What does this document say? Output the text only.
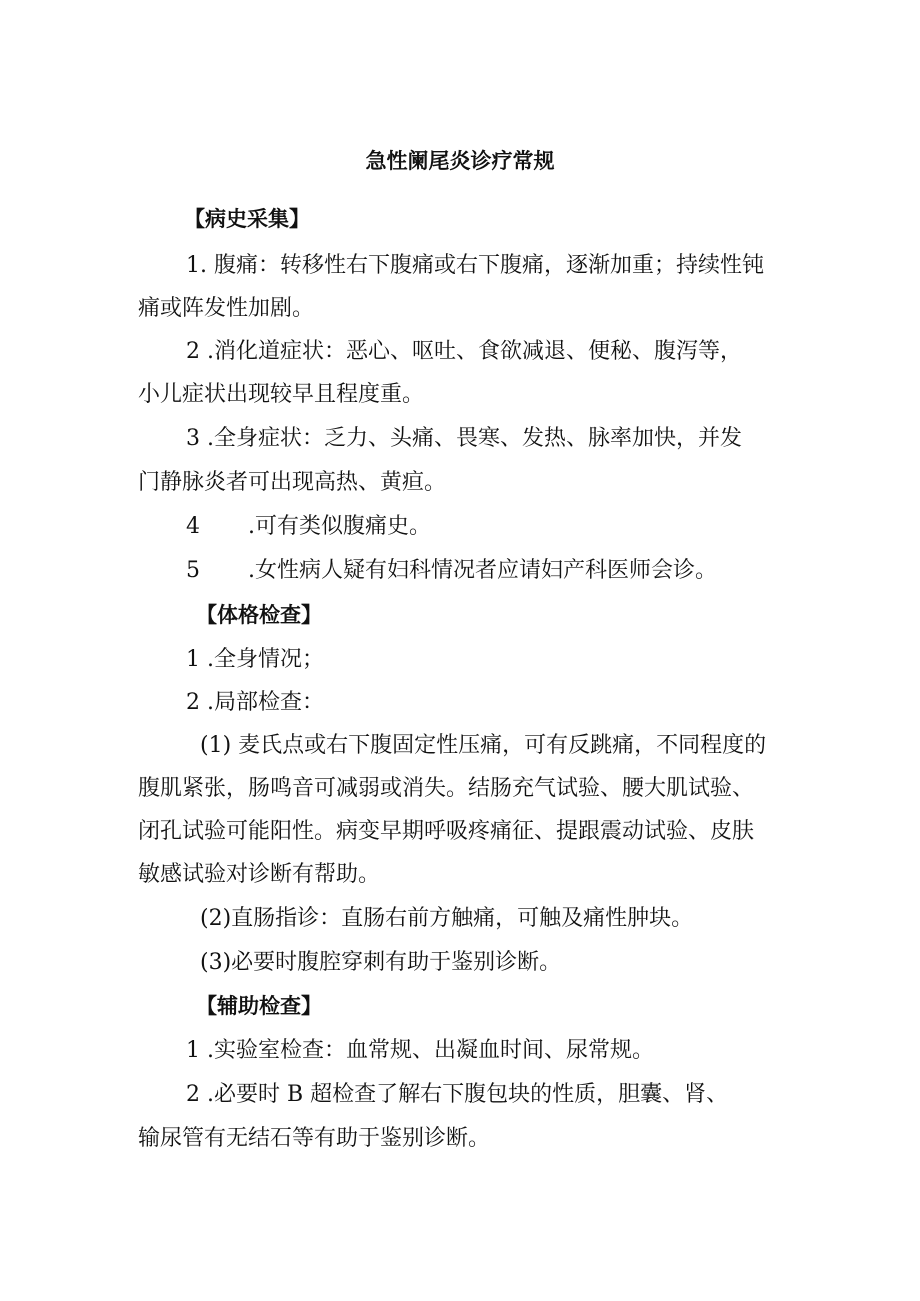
急性阑尾炎诊疗常规
【病史采集】
1. 腹痛：转移性右下腹痛或右下腹痛，逐渐加重；持续性钝
痛或阵发性加剧。
2 .消化道症状：恶心、呕吐、食欲减退、便秘、腹泻等，
小儿症状出现较早且程度重。
3 .全身症状：乏力、头痛、畏寒、发热、脉率加快，并发
门静脉炎者可出现高热、黄疸。
4 .可有类似腹痛史。
5 .女性病人疑有妇科情况者应请妇产科医师会诊。
【体格检查】
1 .全身情况；
2 .局部检查：
(1) 麦氏点或右下腹固定性压痛，可有反跳痛，不同程度的
腹肌紧张，肠鸣音可减弱或消失。结肠充气试验、腰大肌试验、
闭孔试验可能阳性。病变早期呼吸疼痛征、提跟震动试验、皮肤
敏感试验对诊断有帮助。
(2)直肠指诊：直肠右前方触痛，可触及痛性肿块。
(3)必要时腹腔穿刺有助于鉴别诊断。
【辅助检查】
1 .实验室检查：血常规、出凝血时间、尿常规。
2 .必要时 B 超检查了解右下腹包块的性质，胆囊、肾、
输尿管有无结石等有助于鉴别诊断。
